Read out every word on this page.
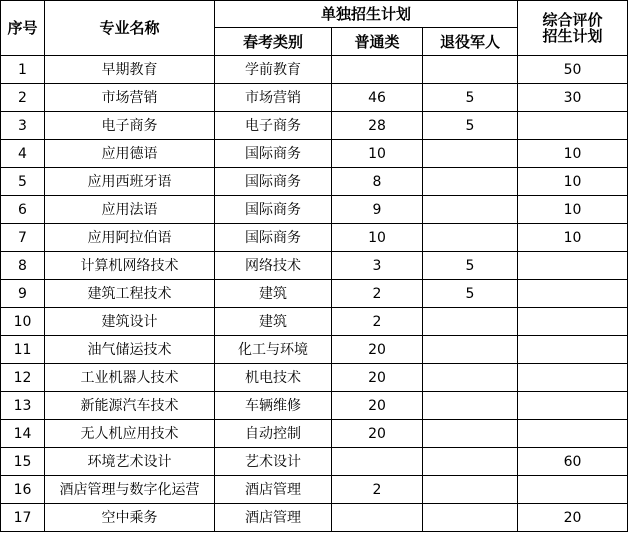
序号	专业名称	单独招生计划			综合评价
招生计划
		春考类别	普通类	退役军人	
1	早期教育	学前教育			50
2	市场营销	市场营销	46	5	30
3	电子商务	电子商务	28	5	
4	应用德语	国际商务	10		10
5	应用西班牙语	国际商务	8		10
6	应用法语	国际商务	9		10
7	应用阿拉伯语	国际商务	10		10
8	计算机网络技术	网络技术	3	5	
9	建筑工程技术	建筑	2	5	
10	建筑设计	建筑	2		
11	油气储运技术	化工与环境	20		
12	工业机器人技术	机电技术	20		
13	新能源汽车技术	车辆维修	20		
14	无人机应用技术	自动控制	20		
15	环境艺术设计	艺术设计			60
16	酒店管理与数字化运营	酒店管理	2		
17	空中乘务	酒店管理			20
